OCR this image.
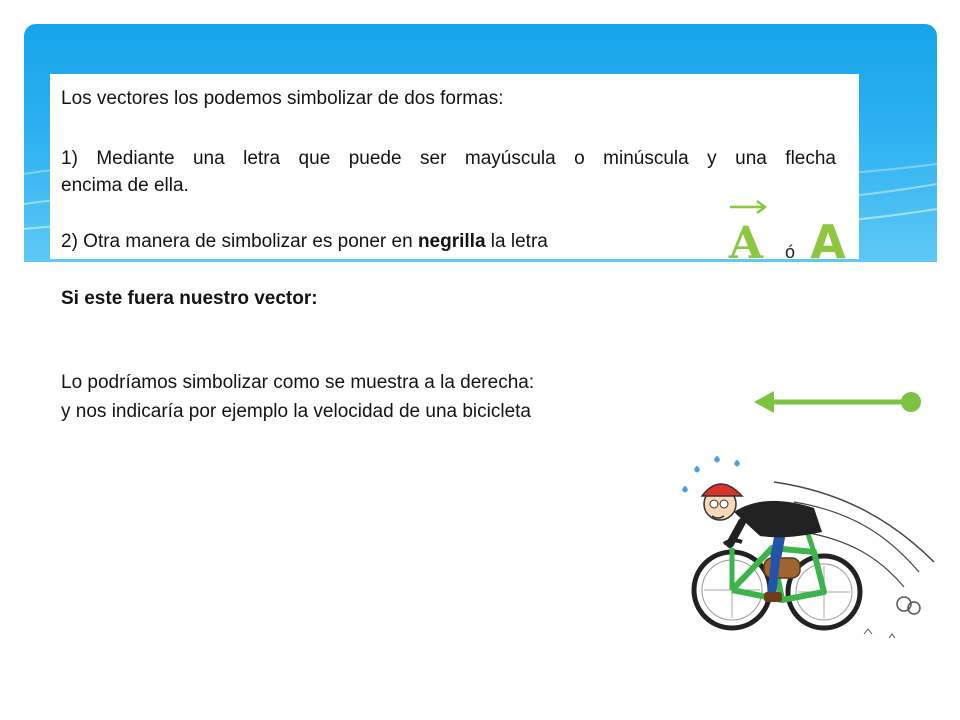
Los vectores los podemos simbolizar de dos formas:
1) Mediante una letra que puede ser mayúscula o minúscula y una flecha
encima de ella.
2) Otra manera de simbolizar es poner en negrilla la letra
Si este fuera nuestro vector:
Lo podríamos simbolizar como se muestra a la derecha:
y nos indicaría por ejemplo la velocidad de una bicicleta
A ó A
